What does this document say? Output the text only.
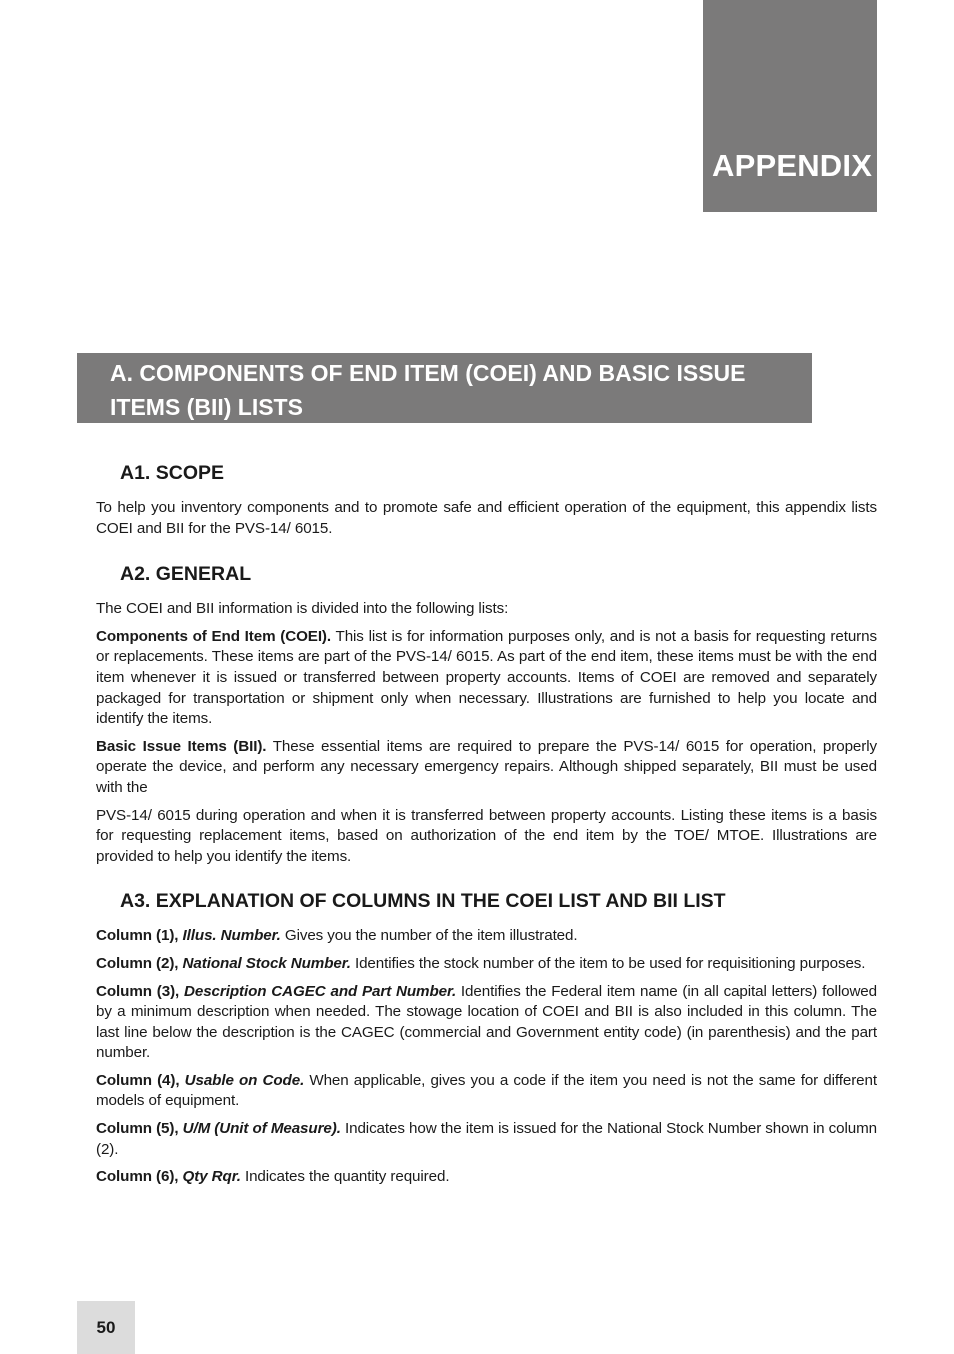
APPENDIX
A. COMPONENTS OF END ITEM (COEI) AND BASIC ISSUE ITEMS (BII) LISTS
A1. SCOPE

To help you inventory components and to promote safe and efficient operation of the equipment, this appendix lists COEI and BII for the PVS-14/ 6015.

A2. GENERAL

The COEI and BII information is divided into the following lists:

Components of End Item (COEI). This list is for information purposes only, and is not a basis for requesting returns or replacements. These items are part of the PVS-14/ 6015. As part of the end item, these items must be with the end item whenever it is issued or transferred between property accounts. Items of COEI are removed and separately packaged for transportation or shipment only when necessary. Illustrations are furnished to help you locate and identify the items.

Basic Issue Items (BII). These essential items are required to prepare the PVS-14/ 6015 for operation, properly operate the device, and perform any necessary emergency repairs. Although shipped separately, BII must be used with the

PVS-14/ 6015 during operation and when it is transferred between property accounts. Listing these items is a basis for requesting replacement items, based on authorization of the end item by the TOE/ MTOE. Illustrations are provided to help you identify the items.

A3. EXPLANATION OF COLUMNS IN THE COEI LIST AND BII LIST

Column (1), Illus. Number. Gives you the number of the item illustrated.

Column (2), National Stock Number. Identifies the stock number of the item to be used for requisitioning purposes.

Column (3), Description CAGEC and Part Number. Identifies the Federal item name (in all capital letters) followed by a minimum description when needed. The stowage location of COEI and BII is also included in this column. The last line below the description is the CAGEC (commercial and Government entity code) (in parenthesis) and the part number.

Column (4), Usable on Code. When applicable, gives you a code if the item you need is not the same for different models of equipment.

Column (5), U/M (Unit of Measure). Indicates how the item is issued for the National Stock Number shown in column (2).

Column (6), Qty Rqr. Indicates the quantity required.

50
